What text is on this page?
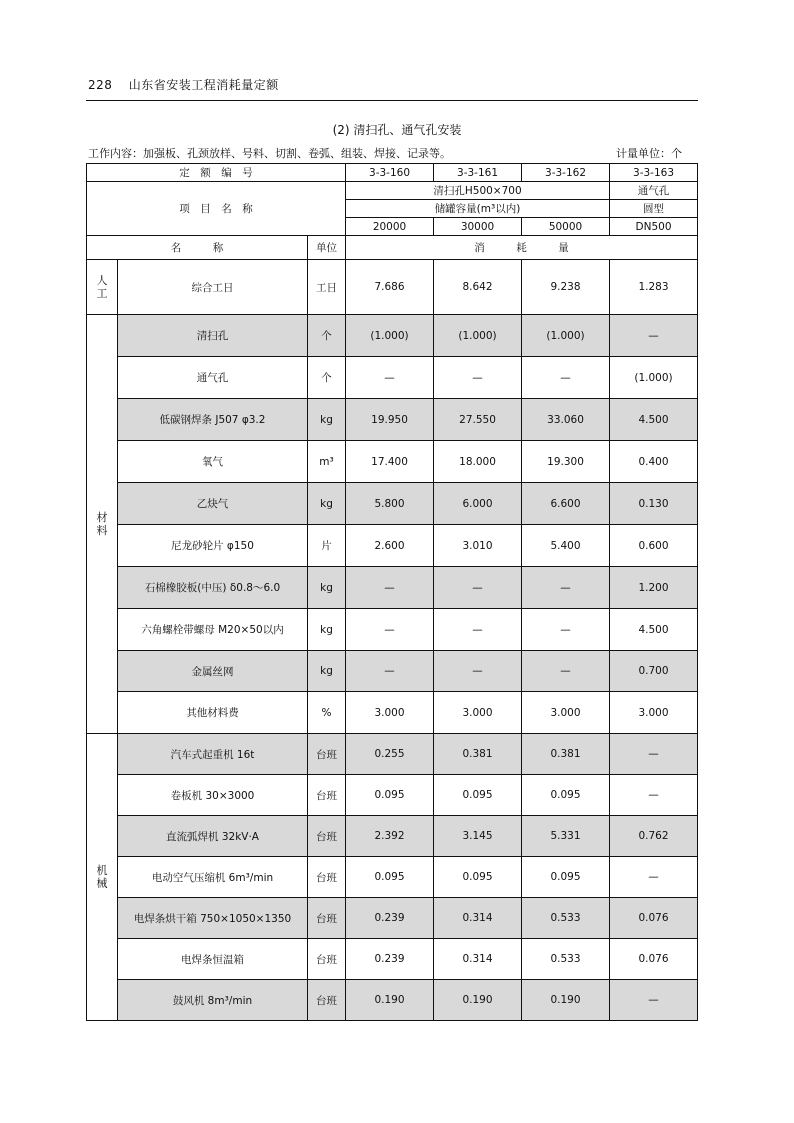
228 山东省安装工程消耗量定额
(2) 清扫孔、通气孔安装
工作内容：加强板、孔颈放样、号料、切割、卷弧、组装、焊接、记录等。	计量单位：个
定　额　编　号			3-3-160	3-3-161	3-3-162	3-3-163
项　目　名　称			清扫孔H500×700			通气孔
			储罐容量(m³以内)			圆型
			20000	30000	50000	DN500
名　　　称		单位	消　　　耗　　　量			

人
工	综合工日	工日	7.686	8.642	9.238	1.283

材
料	清扫孔	个	(1.000)	(1.000)	(1.000)	—
	通气孔	个	—	—	—	(1.000)
	低碳钢焊条 J507 φ3.2	kg	19.950	27.550	33.060	4.500
	氧气	m³	17.400	18.000	19.300	0.400
	乙炔气	kg	5.800	6.000	6.600	0.130
	尼龙砂轮片 φ150	片	2.600	3.010	5.400	0.600
	石棉橡胶板(中压) δ0.8～6.0	kg	—	—	—	1.200
	六角螺栓带螺母 M20×50以内	kg	—	—	—	4.500
	金属丝网	kg	—	—	—	0.700
	其他材料费	%	3.000	3.000	3.000	3.000

机
械	汽车式起重机 16t	台班	0.255	0.381	0.381	—
	卷板机 30×3000	台班	0.095	0.095	0.095	—
	直流弧焊机 32kV·A	台班	2.392	3.145	5.331	0.762
	电动空气压缩机 6m³/min	台班	0.095	0.095	0.095	—
	电焊条烘干箱 750×1050×1350	台班	0.239	0.314	0.533	0.076
	电焊条恒温箱	台班	0.239	0.314	0.533	0.076
	鼓风机 8m³/min	台班	0.190	0.190	0.190	—
